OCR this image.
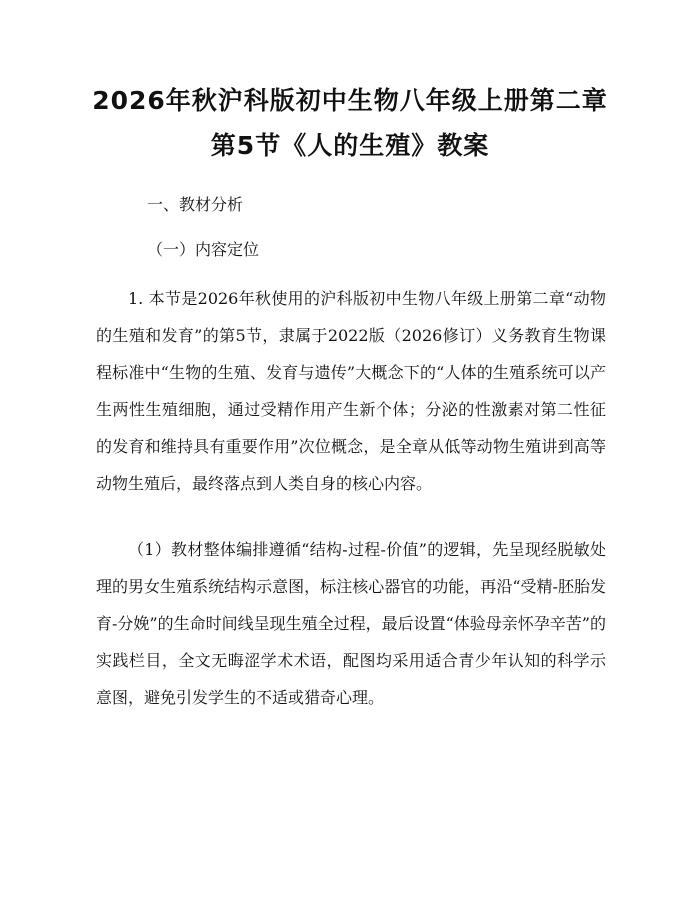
2026年秋沪科版初中生物八年级上册第二章
第5节《人的生殖》教案
一、教材分析
（一）内容定位

1. 本节是2026年秋使用的沪科版初中生物八年级上册第二章“动物的生殖和发育”的第5节，隶属于2022版（2026修订）义务教育生物课程标准中“生物的生殖、发育与遗传”大概念下的“人体的生殖系统可以产生两性生殖细胞，通过受精作用产生新个体；分泌的性激素对第二性征的发育和维持具有重要作用”次位概念，是全章从低等动物生殖讲到高等动物生殖后，最终落点到人类自身的核心内容。

（1）教材整体编排遵循“结构-过程-价值”的逻辑，先呈现经脱敏处理的男女生殖系统结构示意图，标注核心器官的功能，再沿“受精-胚胎发育-分娩”的生命时间线呈现生殖全过程，最后设置“体验母亲怀孕辛苦”的实践栏目，全文无晦涩学术术语，配图均采用适合青少年认知的科学示意图，避免引发学生的不适或猎奇心理。
